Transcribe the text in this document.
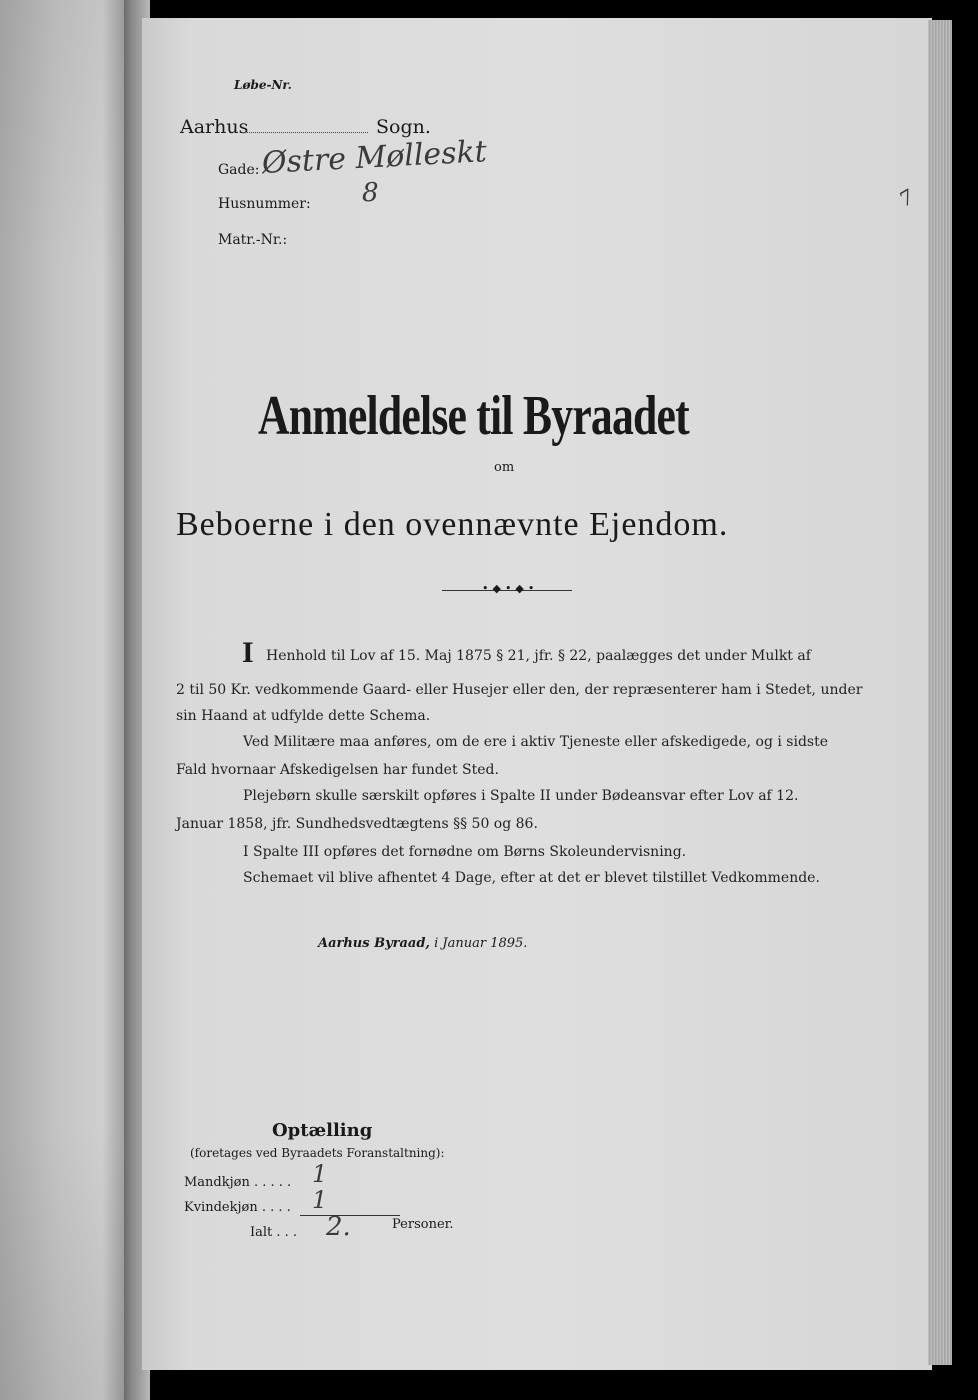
Løbe-Nr.
Aarhus	Sogn.
Gade: Østre Mølleskt
Husnummer: 8
Matr.-Nr.:
7
Anmeldelse til Byraadet
om
Beboerne i den ovennævnte Ejendom.
•◆•◆•
I Henhold til Lov af 15. Maj 1875 § 21, jfr. § 22, paalægges det under Mulkt af
2 til 50 Kr. vedkommende Gaard- eller Husejer eller den, der repræsenterer ham i Stedet, under
sin Haand at udfylde dette Schema.
Ved Militære maa anføres, om de ere i aktiv Tjeneste eller afskedigede, og i sidste
Fald hvornaar Afskedigelsen har fundet Sted.
Plejebørn skulle særskilt opføres i Spalte II under Bødeansvar efter Lov af 12.
Januar 1858, jfr. Sundhedsvedtægtens §§ 50 og 86.
I Spalte III opføres det fornødne om Børns Skoleundervisning.
Schemaet vil blive afhentet 4 Dage, efter at det er blevet tilstillet Vedkommende.
Aarhus Byraad, i Januar 1895.
Optælling
(foretages ved Byraadets Foranstaltning):
Mandkjøn . . . . . 1
Kvindekjøn . . . . 1
Ialt . . . 2.	Personer.
